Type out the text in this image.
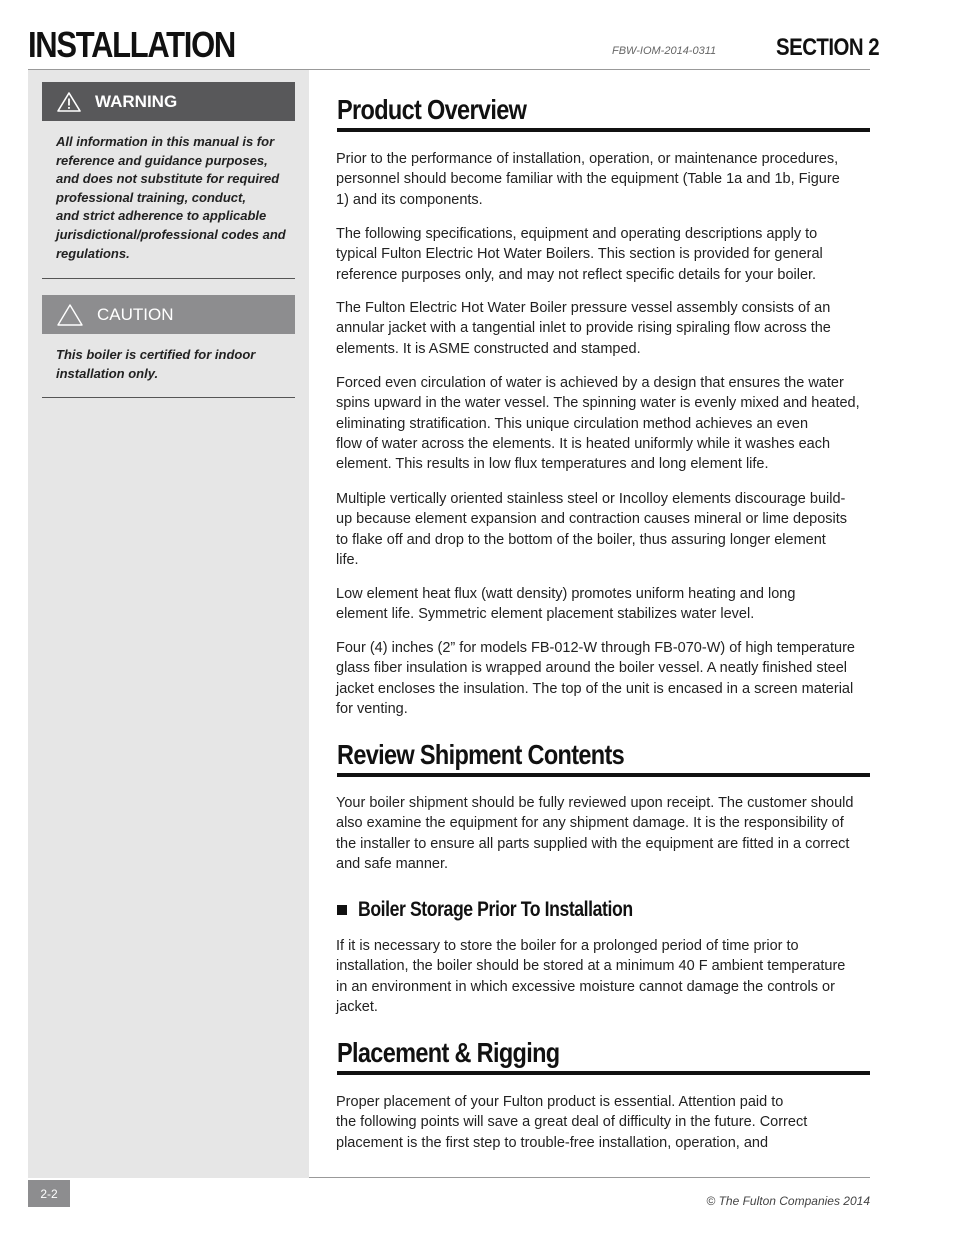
INSTALLATION	FBW-IOM-2014-0311 SECTION 2
WARNING
All information in this manual is for
reference and guidance purposes,
and does not substitute for required
professional training, conduct,
and strict adherence to applicable
jurisdictional/professional codes and
regulations.
CAUTION
This boiler is certified for indoor
installation only.
Product Overview
Prior to the performance of installation, operation, or maintenance procedures,
personnel should become familiar with the equipment (Table 1a and 1b, Figure
1) and its components.
The following specifications, equipment and operating descriptions apply to
typical Fulton Electric Hot Water Boilers. This section is provided for general
reference purposes only, and may not reflect specific details for your boiler.
The Fulton Electric Hot Water Boiler pressure vessel assembly consists of an
annular jacket with a tangential inlet to provide rising spiraling flow across the
elements. It is ASME constructed and stamped.
Forced even circulation of water is achieved by a design that ensures the water
spins upward in the water vessel. The spinning water is evenly mixed and heated,
eliminating stratification. This unique circulation method achieves an even
flow of water across the elements. It is heated uniformly while it washes each
element. This results in low flux temperatures and long element life.
Multiple vertically oriented stainless steel or Incolloy elements discourage build-
up because element expansion and contraction causes mineral or lime deposits
to flake off and drop to the bottom of the boiler, thus assuring longer element
life.
Low element heat flux (watt density) promotes uniform heating and long
element life. Symmetric element placement stabilizes water level.
Four (4) inches (2” for models FB-012-W through FB-070-W) of high temperature
glass fiber insulation is wrapped around the boiler vessel. A neatly finished steel
jacket encloses the insulation. The top of the unit is encased in a screen material
for venting.
Review Shipment Contents
Your boiler shipment should be fully reviewed upon receipt. The customer should
also examine the equipment for any shipment damage. It is the responsibility of
the installer to ensure all parts supplied with the equipment are fitted in a correct
and safe manner.
Boiler Storage Prior To Installation
If it is necessary to store the boiler for a prolonged period of time prior to
installation, the boiler should be stored at a minimum 40 F ambient temperature
in an environment in which excessive moisture cannot damage the controls or
jacket.
Placement & Rigging
Proper placement of your Fulton product is essential. Attention paid to
the following points will save a great deal of difficulty in the future. Correct
placement is the first step to trouble-free installation, operation, and
2-2
© The Fulton Companies 2014
